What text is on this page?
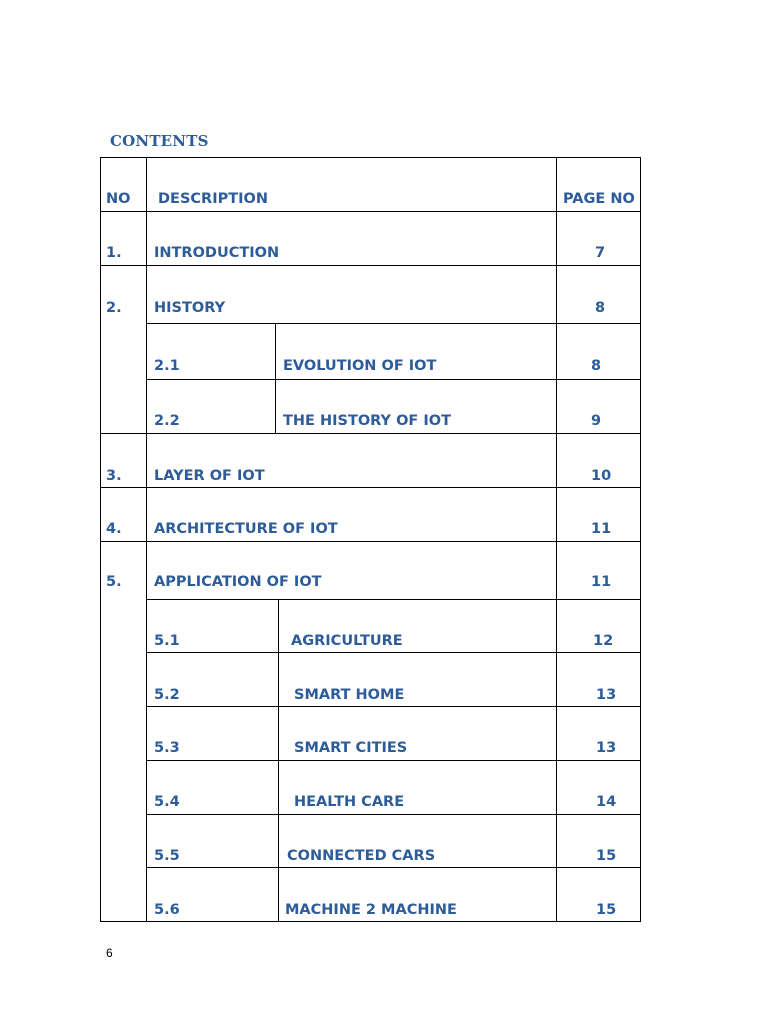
CONTENTS
NO DESCRIPTION	PAGE NO
1. INTRODUCTION	7
2. HISTORY	8
2.1	EVOLUTION OF IOT	8
2.2	THE HISTORY OF IOT	9
3. LAYER OF IOT	10
4. ARCHITECTURE OF IOT	11
5. APPLICATION OF IOT	11
5.1	AGRICULTURE	12
5.2	SMART HOME	13
5.3	SMART CITIES	13
5.4	HEALTH CARE	14
5.5	CONNECTED CARS	15
5.6	MACHINE 2 MACHINE	15
6
